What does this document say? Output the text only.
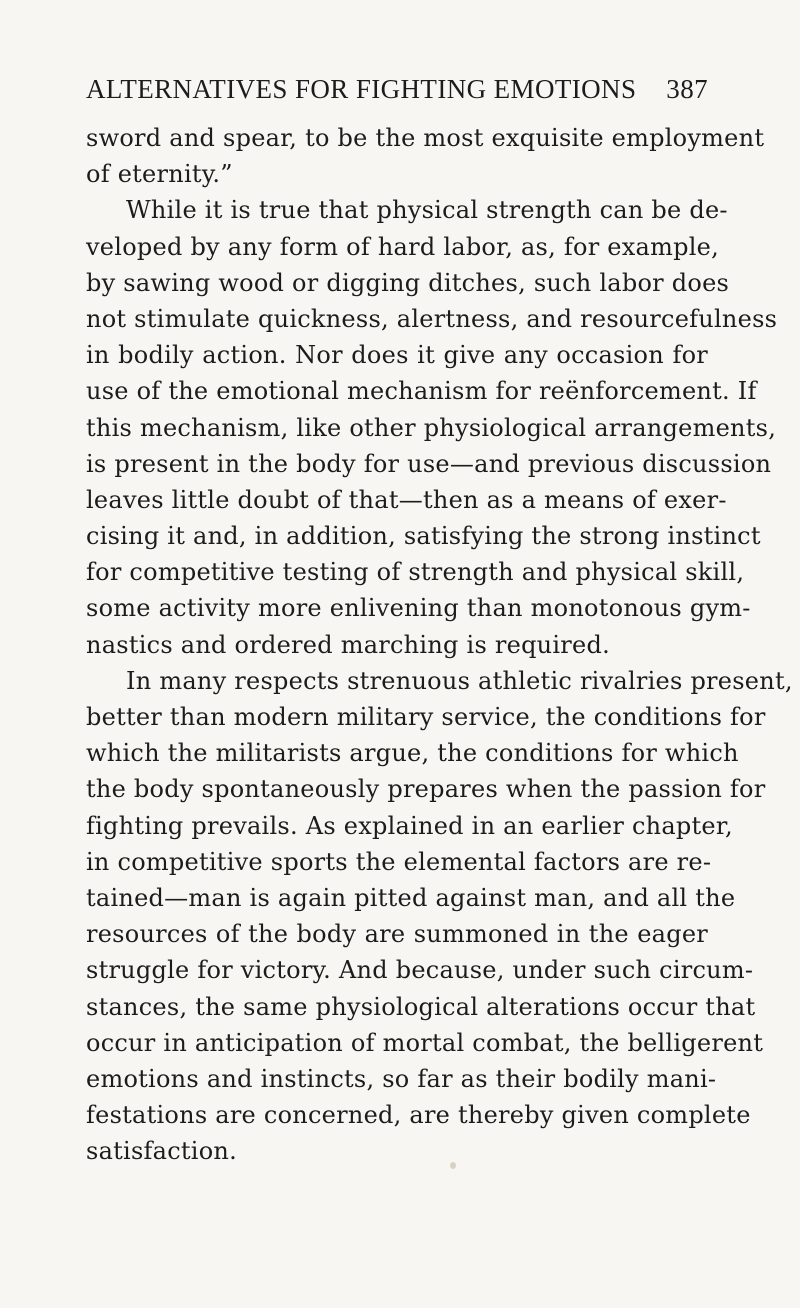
ALTERNATIVES FOR FIGHTING EMOTIONS 387
sword and spear, to be the most exquisite employment
of eternity.”
While it is true that physical strength can be de-
veloped by any form of hard labor, as, for example,
by sawing wood or digging ditches, such labor does
not stimulate quickness, alertness, and resourcefulness
in bodily action. Nor does it give any occasion for
use of the emotional mechanism for reënforcement. If
this mechanism, like other physiological arrangements,
is present in the body for use—and previous discussion
leaves little doubt of that—then as a means of exer-
cising it and, in addition, satisfying the strong instinct
for competitive testing of strength and physical skill,
some activity more enlivening than monotonous gym-
nastics and ordered marching is required.
In many respects strenuous athletic rivalries present,
better than modern military service, the conditions for
which the militarists argue, the conditions for which
the body spontaneously prepares when the passion for
fighting prevails. As explained in an earlier chapter,
in competitive sports the elemental factors are re-
tained—man is again pitted against man, and all the
resources of the body are summoned in the eager
struggle for victory. And because, under such circum-
stances, the same physiological alterations occur that
occur in anticipation of mortal combat, the belligerent
emotions and instincts, so far as their bodily mani-
festations are concerned, are thereby given complete
satisfaction.
